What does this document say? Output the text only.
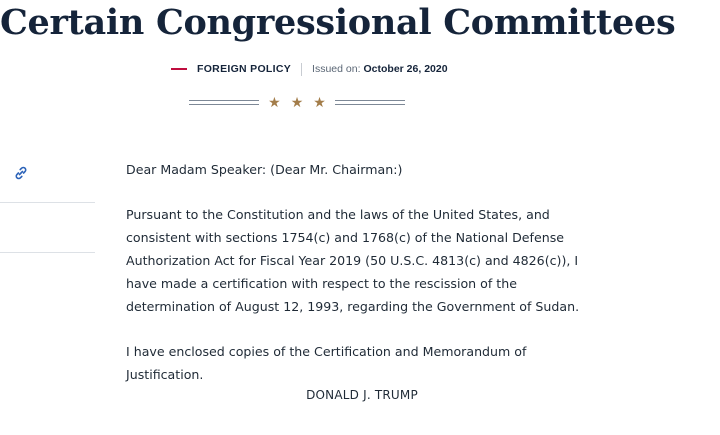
Certain Congressional Committees
FOREIGN POLICY Issued on: October 26, 2020
★ ★ ★

Dear Madam Speaker: (Dear Mr. Chairman:)

Pursuant to the Constitution and the laws of the United States, and consistent with sections 1754(c) and 1768(c) of the National Defense Authorization Act for Fiscal Year 2019 (50 U.S.C. 4813(c) and 4826(c)), I have made a certification with respect to the rescission of the determination of August 12, 1993, regarding the Government of Sudan.

I have enclosed copies of the Certification and Memorandum of Justification.

DONALD J. TRUMP
